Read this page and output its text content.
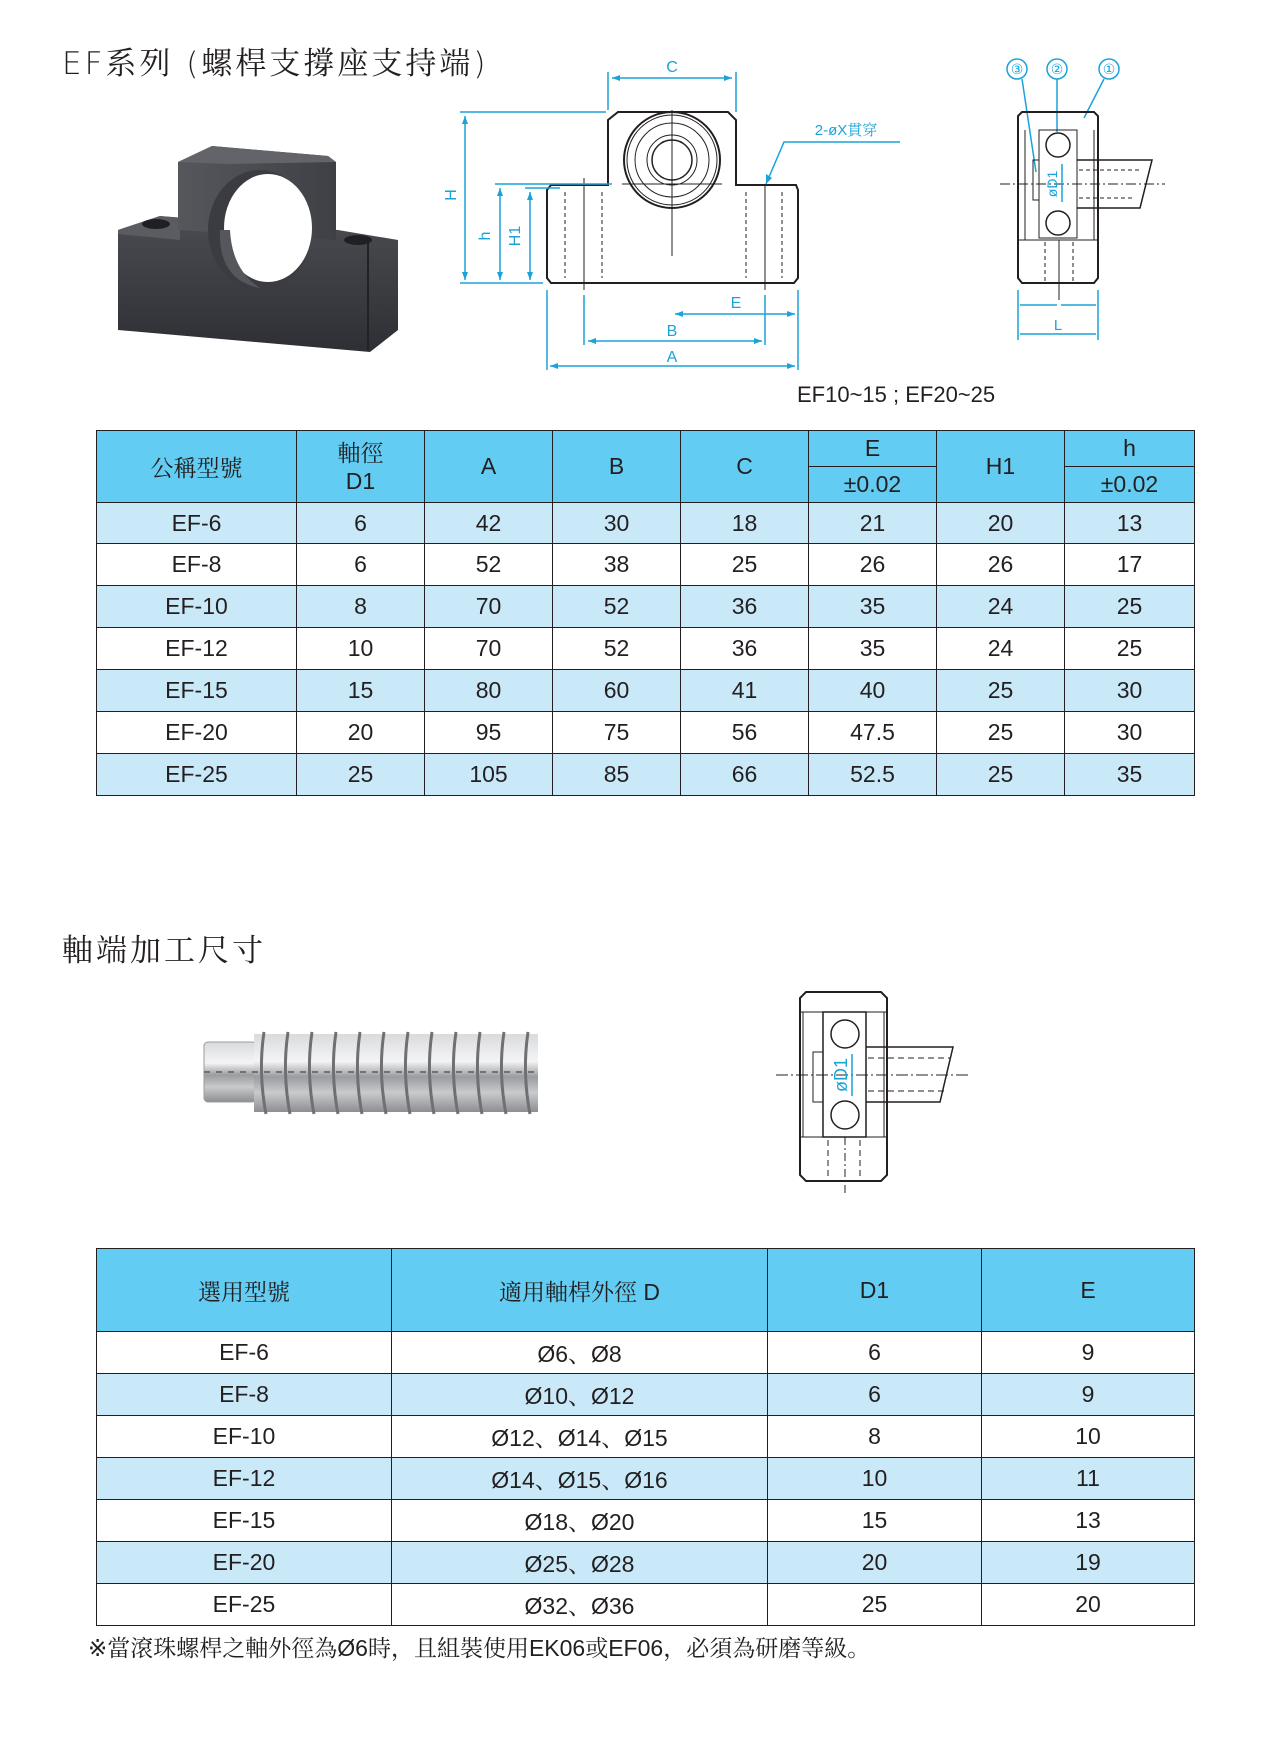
EF系列 (螺桿支撐座支持端)	C
E
B
A
2-øX貫穿
H
h H1
③ ②	①
øD1
L
EF10~15 ; EF20~25
公稱型號	軸徑
D1	A	B	C	E	H1	h
					±0.02		±0.02
EF-6	6	42	30	18	21	20	13
EF-8	6	52	38	25	26	26	17
EF-10	8	70	52	36	35	24	25
EF-12	10	70	52	36	35	24	25
EF-15	15	80	60	41	40	25	30
EF-20	20	95	75	56	47.5	25	30
EF-25	25	105	85	66	52.5	25	35
軸端加工尺寸
øD1
選用型號	適用軸桿外徑 D	D1	E
EF-6	Ø6、Ø8	6	9
EF-8	Ø10、Ø12	6	9
EF-10	Ø12、Ø14、Ø15	8	10
EF-12	Ø14、Ø15、Ø16	10	11
EF-15	Ø18、Ø20	15	13
EF-20	Ø25、Ø28	20	19
EF-25	Ø32、Ø36	25	20
※當滾珠螺桿之軸外徑為Ø6時，且組裝使用EK06或EF06，必須為研磨等級。
